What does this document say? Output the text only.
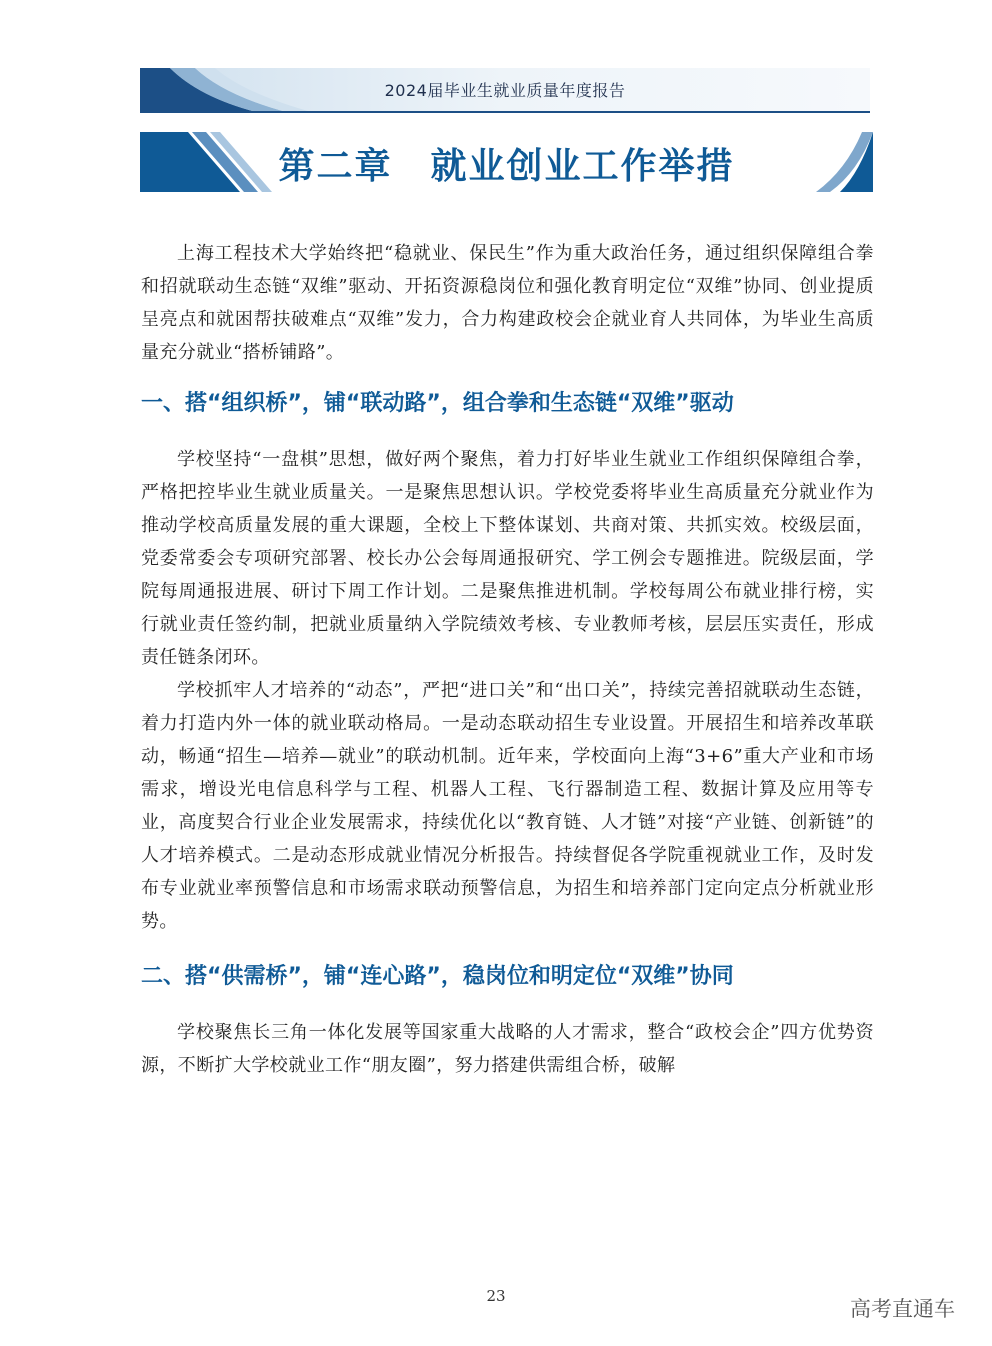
2024届毕业生就业质量年度报告
第二章　就业创业工作举措

上海工程技术大学始终把“稳就业、保民生”作为重大政治任务，通过组织保障组合拳和招就联动生态链“双维”驱动、开拓资源稳岗位和强化教育明定位“双维”协同、创业提质呈亮点和就困帮扶破难点“双维”发力，合力构建政校会企就业育人共同体，为毕业生高质量充分就业“搭桥铺路”。

一、搭“组织桥”，铺“联动路”，组合拳和生态链“双维”驱动

学校坚持“一盘棋”思想，做好两个聚焦，着力打好毕业生就业工作组织保障组合拳，严格把控毕业生就业质量关。一是聚焦思想认识。学校党委将毕业生高质量充分就业作为推动学校高质量发展的重大课题，全校上下整体谋划、共商对策、共抓实效。校级层面，党委常委会专项研究部署、校长办公会每周通报研究、学工例会专题推进。院级层面，学院每周通报进展、研讨下周工作计划。二是聚焦推进机制。学校每周公布就业排行榜，实行就业责任签约制，把就业质量纳入学院绩效考核、专业教师考核，层层压实责任，形成责任链条闭环。

学校抓牢人才培养的“动态”，严把“进口关”和“出口关”，持续完善招就联动生态链，着力打造内外一体的就业联动格局。一是动态联动招生专业设置。开展招生和培养改革联动，畅通“招生—培养—就业”的联动机制。近年来，学校面向上海“3+6”重大产业和市场需求，增设光电信息科学与工程、机器人工程、飞行器制造工程、数据计算及应用等专业，高度契合行业企业发展需求，持续优化以“教育链、人才链”对接“产业链、创新链”的人才培养模式。二是动态形成就业情况分析报告。持续督促各学院重视就业工作，及时发布专业就业率预警信息和市场需求联动预警信息，为招生和培养部门定向定点分析就业形势。

二、搭“供需桥”，铺“连心路”，稳岗位和明定位“双维”协同

学校聚焦长三角一体化发展等国家重大战略的人才需求，整合“政校会企”四方优势资源，不断扩大学校就业工作“朋友圈”，努力搭建供需组合桥，破解

23
高考直通车
